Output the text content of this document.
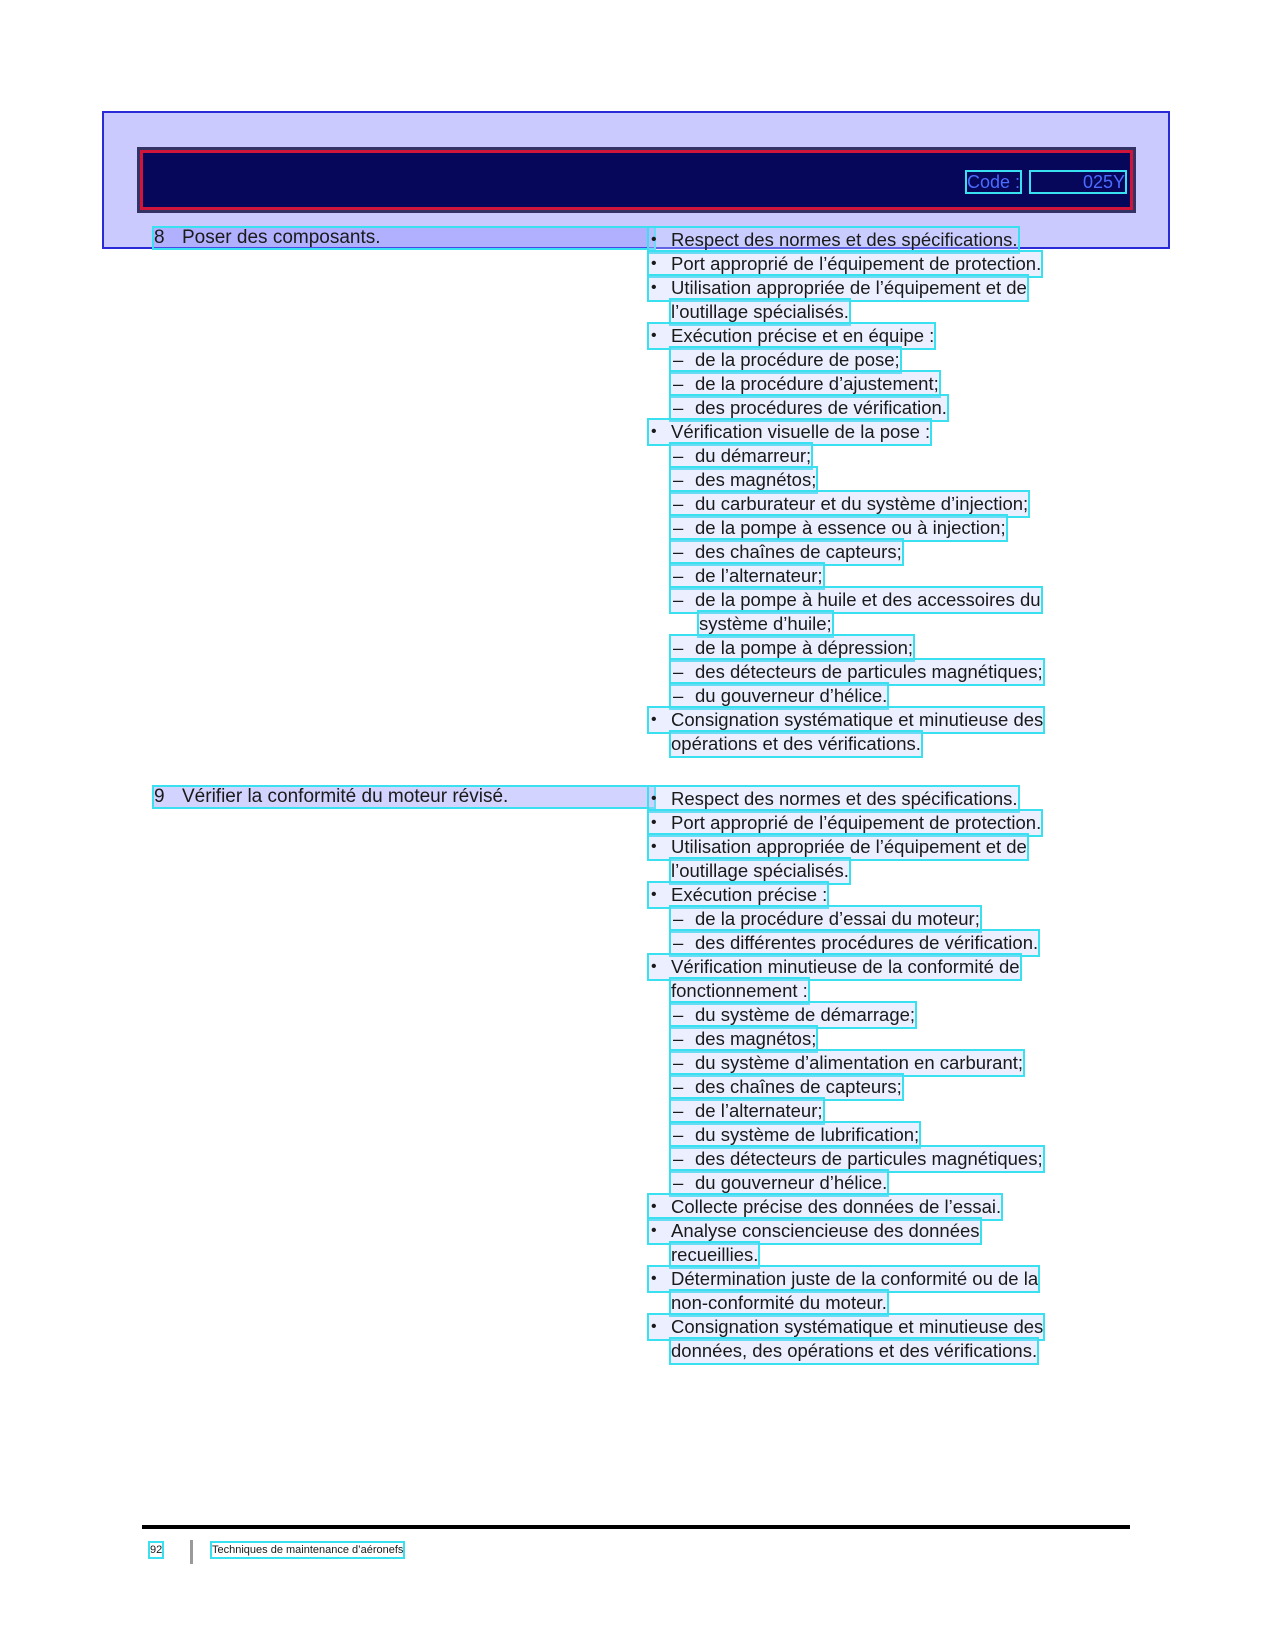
Code :	025Y
8 Poser des composants.	• Respect des normes et des spécifications.
• Port approprié de l’équipement de protection.
• Utilisation appropriée de l’équipement et de
l’outillage spécialisés.
• Exécution précise et en équipe :
– de la procédure de pose;
– de la procédure d’ajustement;
– des procédures de vérification.
• Vérification visuelle de la pose :
– du démarreur;
– des magnétos;
– du carburateur et du système d’injection;
– de la pompe à essence ou à injection;
– des chaînes de capteurs;
– de l’alternateur;
– de la pompe à huile et des accessoires du
système d’huile;
– de la pompe à dépression;
– des détecteurs de particules magnétiques;
– du gouverneur d’hélice.
• Consignation systématique et minutieuse des
opérations et des vérifications.
9 Vérifier la conformité du moteur révisé.	• Respect des normes et des spécifications.
• Port approprié de l’équipement de protection.
• Utilisation appropriée de l’équipement et de
l’outillage spécialisés.
• Exécution précise :
– de la procédure d’essai du moteur;
– des différentes procédures de vérification.
• Vérification minutieuse de la conformité de
fonctionnement :
– du système de démarrage;
– des magnétos;
– du système d’alimentation en carburant;
– des chaînes de capteurs;
– de l’alternateur;
– du système de lubrification;
– des détecteurs de particules magnétiques;
– du gouverneur d’hélice.
• Collecte précise des données de l’essai.
• Analyse consciencieuse des données
recueillies.
• Détermination juste de la conformité ou de la
non-conformité du moteur.
• Consignation systématique et minutieuse des
données, des opérations et des vérifications.
92	Techniques de maintenance d’aéronefs
